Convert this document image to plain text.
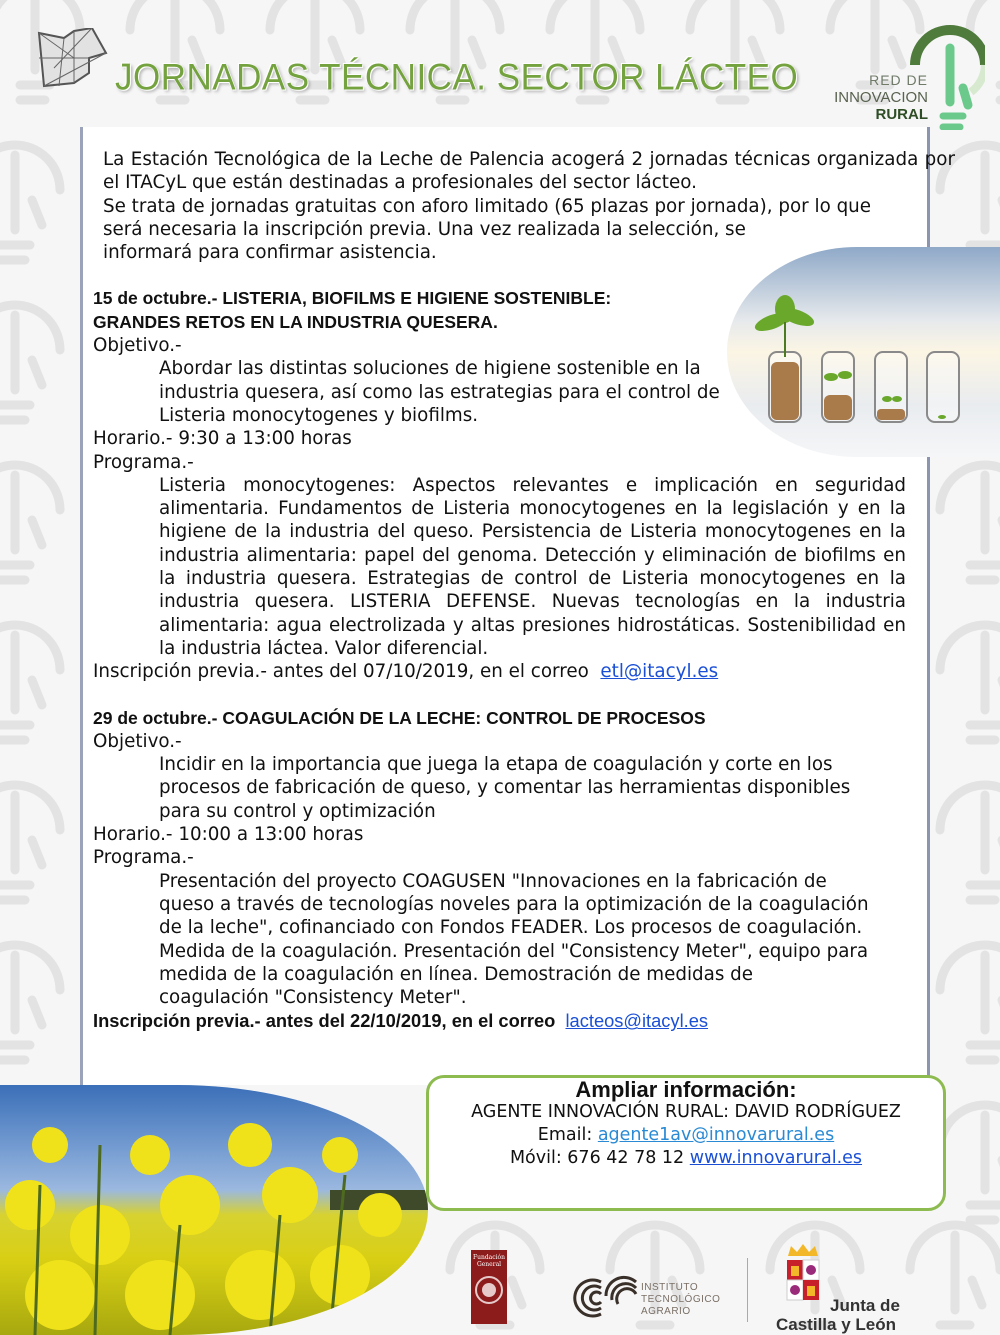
JORNADAS TÉCNICA. SECTOR LÁCTEO	RED DE
INNOVACION
RURAL

La Estación Tecnológica de la Leche de Palencia acogerá 2 jornadas técnicas organizada por el ITACyL que están destinadas a profesionales del sector lácteo.

Se trata de jornadas gratuitas con aforo limitado (65 plazas por jornada), por lo que

será necesaria la inscripción previa. Una vez realizada la selección, se

informará para confirmar asistencia.

15 de octubre.- LISTERIA, BIOFILMS E HIGIENE SOSTENIBLE:

GRANDES RETOS EN LA INDUSTRIA QUESERA.

Objetivo.-

Abordar las distintas soluciones de higiene sostenible en la

industria quesera, así como las estrategias para el control de

Listeria monocytogenes y biofilms.

Horario.- 9:30 a 13:00 horas

Programa.-

Listeria monocytogenes: Aspectos relevantes e implicación en seguridad alimentaria. Fundamentos de Listeria monocytogenes en la legislación y en la higiene de la industria del queso. Persistencia de Listeria monocytogenes en la industria alimentaria: papel del genoma. Detección y eliminación de biofilms en la industria quesera. Estrategias de control de Listeria monocytogenes en la industria quesera. LISTERIA DEFENSE. Nuevas tecnologías en la industria alimentaria: agua electrolizada y altas presiones hidrostáticas. Sostenibilidad en la industria láctea. Valor diferencial.

Inscripción previa.- antes del 07/10/2019, en el correo etl@itacyl.es

29 de octubre.- COAGULACIÓN DE LA LECHE: CONTROL DE PROCESOS

Objetivo.-

Incidir en la importancia que juega la etapa de coagulación y corte en los

procesos de fabricación de queso, y comentar las herramientas disponibles

para su control y optimización

Horario.- 10:00 a 13:00 horas

Programa.-

Presentación del proyecto COAGUSEN "Innovaciones en la fabricación de

queso a través de tecnologías noveles para la optimización de la coagulación

de la leche", cofinanciado con Fondos FEADER. Los procesos de coagulación.

Medida de la coagulación. Presentación del "Consistency Meter", equipo para

medida de la coagulación en línea. Demostración de medidas de

coagulación "Consistency Meter".

Inscripción previa.- antes del 22/10/2019, en el correo lacteos@itacyl.es

Ampliar información:

AGENTE INNOVACIÓN RURAL: DAVID RODRÍGUEZ

Email: agente1av@innovarural.es

Móvil: 676 42 78 12 www.innovarural.es

Fundación
General
INSTITUTO
TECNOLÓGICO
AGRARIO	Junta de
Castilla y León
